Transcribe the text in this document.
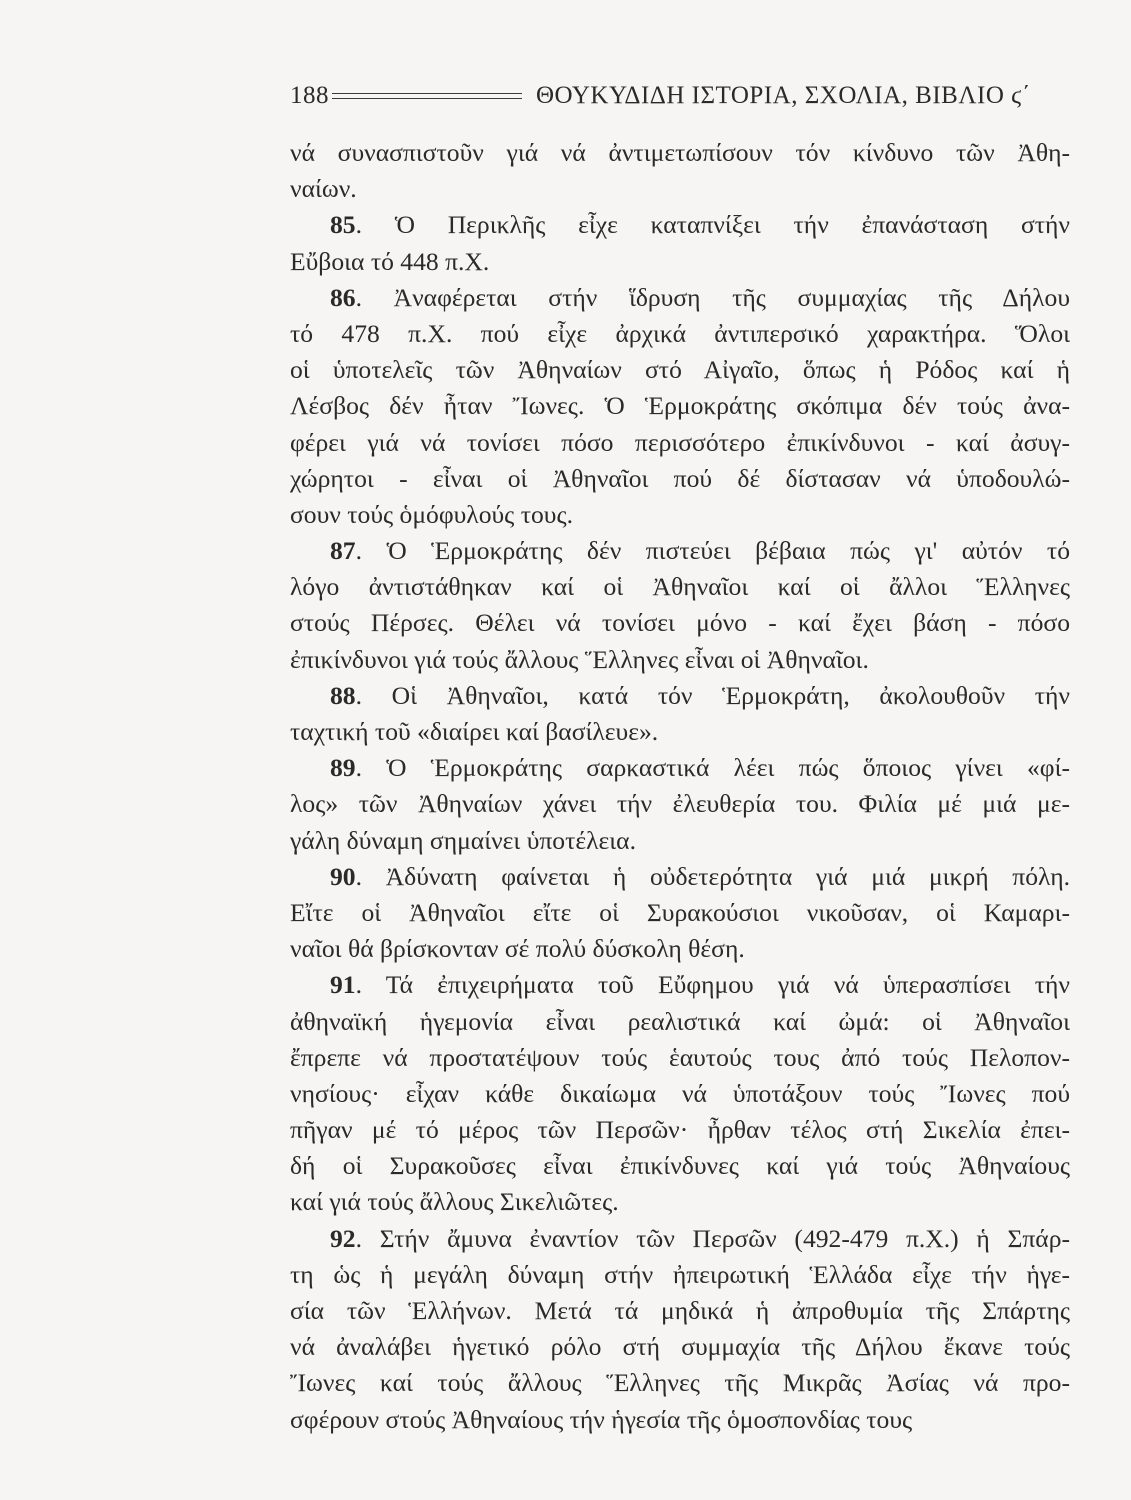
188	ΘΟΥΚΥΔΙΔΗ ΙΣΤΟΡΙΑ, ΣΧΟΛΙΑ, ΒΙΒΛΙΟ ϛ΄
νά συνασπιστοῦν γιά νά ἀντιμετωπίσουν τόν κίνδυνο τῶν Ἀθη-
ναίων.
85. Ὁ Περικλῆς εἶχε καταπνίξει τήν ἐπανάσταση στήν
Εὔβοια τό 448 π.Χ.
86. Ἀναφέρεται στήν ἵδρυση τῆς συμμαχίας τῆς Δήλου
τό 478 π.Χ. πού εἶχε ἀρχικά ἀντιπερσικό χαρακτήρα. Ὅλοι
οἱ ὑποτελεῖς τῶν Ἀθηναίων στό Αἰγαῖο, ὅπως ἡ Ρόδος καί ἡ
Λέσβος δέν ἦταν Ἴωνες. Ὁ Ἑρμοκράτης σκόπιμα δέν τούς ἀνα-
φέρει γιά νά τονίσει πόσο περισσότερο ἐπικίνδυνοι - καί ἀσυγ-
χώρητοι - εἶναι οἱ Ἀθηναῖοι πού δέ δίστασαν νά ὑποδουλώ-
σουν τούς ὁμόφυλούς τους.
87. Ὁ Ἑρμοκράτης δέν πιστεύει βέβαια πώς γι' αὐτόν τό
λόγο ἀντιστάθηκαν καί οἱ Ἀθηναῖοι καί οἱ ἄλλοι Ἕλληνες
στούς Πέρσες. Θέλει νά τονίσει μόνο - καί ἔχει βάση - πόσο
ἐπικίνδυνοι γιά τούς ἄλλους Ἕλληνες εἶναι οἱ Ἀθηναῖοι.
88. Οἱ Ἀθηναῖοι, κατά τόν Ἑρμοκράτη, ἀκολουθοῦν τήν
ταχτική τοῦ «διαίρει καί βασίλευε».
89. Ὁ Ἑρμοκράτης σαρκαστικά λέει πώς ὅποιος γίνει «φί-
λος» τῶν Ἀθηναίων χάνει τήν ἐλευθερία του. Φιλία μέ μιά με-
γάλη δύναμη σημαίνει ὑποτέλεια.
90. Ἀδύνατη φαίνεται ἡ οὐδετερότητα γιά μιά μικρή πόλη.
Εἴτε οἱ Ἀθηναῖοι εἴτε οἱ Συρακούσιοι νικοῦσαν, οἱ Καμαρι-
ναῖοι θά βρίσκονταν σέ πολύ δύσκολη θέση.
91. Τά ἐπιχειρήματα τοῦ Εὔφημου γιά νά ὑπερασπίσει τήν
ἀθηναϊκή ἡγεμονία εἶναι ρεαλιστικά καί ὠμά: οἱ Ἀθηναῖοι
ἔπρεπε νά προστατέψουν τούς ἑαυτούς τους ἀπό τούς Πελοπον-
νησίους· εἶχαν κάθε δικαίωμα νά ὑποτάξουν τούς Ἴωνες πού
πῆγαν μέ τό μέρος τῶν Περσῶν· ἦρθαν τέλος στή Σικελία ἐπει-
δή οἱ Συρακοῦσες εἶναι ἐπικίνδυνες καί γιά τούς Ἀθηναίους
καί γιά τούς ἄλλους Σικελιῶτες.
92. Στήν ἄμυνα ἐναντίον τῶν Περσῶν (492-479 π.Χ.) ἡ Σπάρ-
τη ὡς ἡ μεγάλη δύναμη στήν ἠπειρωτική Ἑλλάδα εἶχε τήν ἡγε-
σία τῶν Ἑλλήνων. Μετά τά μηδικά ἡ ἀπροθυμία τῆς Σπάρτης
νά ἀναλάβει ἡγετικό ρόλο στή συμμαχία τῆς Δήλου ἔκανε τούς
Ἴωνες καί τούς ἄλλους Ἕλληνες τῆς Μικρᾶς Ἀσίας νά προ-
σφέρουν στούς Ἀθηναίους τήν ἡγεσία τῆς ὁμοσπονδίας τους
